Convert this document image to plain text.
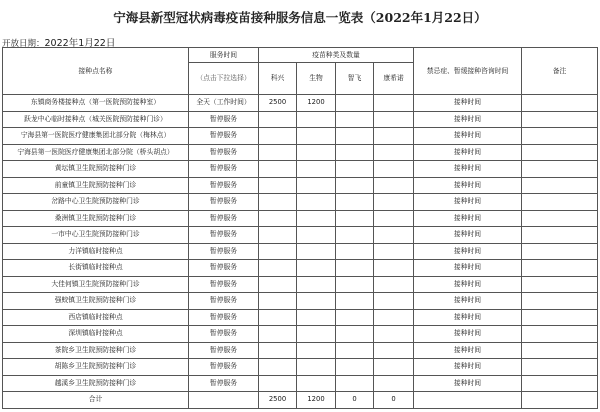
宁海县新型冠状病毒疫苗接种服务信息一览表（2022年1月22日）
开放日期：2022年1月22日
接种点名称	服务时间	疫苗种类及数量				禁忌症、暂缓接种咨询时间	备注
	（点击下拉选择）	科兴	生物	智飞	康希诺		

东镇商务楼接种点（第一医院预防接种室）	全天（工作时间）	2500	1200			接种时间	
跃龙中心临时接种点（城关医院预防接种门诊）	暂停服务					接种时间	
宁海县第一医院医疗健康集团北部分院（梅林点）	暂停服务					接种时间	
宁海县第一医院医疗健康集团北部分院（桥头胡点）	暂停服务					接种时间	
黄坛镇卫生院预防接种门诊	暂停服务					接种时间	
前童镇卫生院预防接种门诊	暂停服务					接种时间	
岔路中心卫生院预防接种门诊	暂停服务					接种时间	
桑洲镇卫生院预防接种门诊	暂停服务					接种时间	
一市中心卫生院预防接种门诊	暂停服务					接种时间	
力洋镇临时接种点	暂停服务					接种时间	
长街镇临时接种点	暂停服务					接种时间	
大佳何镇卫生院预防接种门诊	暂停服务					接种时间	
强蛟镇卫生院预防接种门诊	暂停服务					接种时间	
西店镇临时接种点	暂停服务					接种时间	
深圳镇临时接种点	暂停服务					接种时间	
茶院乡卫生院预防接种门诊	暂停服务					接种时间	
胡陈乡卫生院预防接种门诊	暂停服务					接种时间	
越溪乡卫生院预防接种门诊	暂停服务					接种时间	
合计		2500	1200	0	0		
